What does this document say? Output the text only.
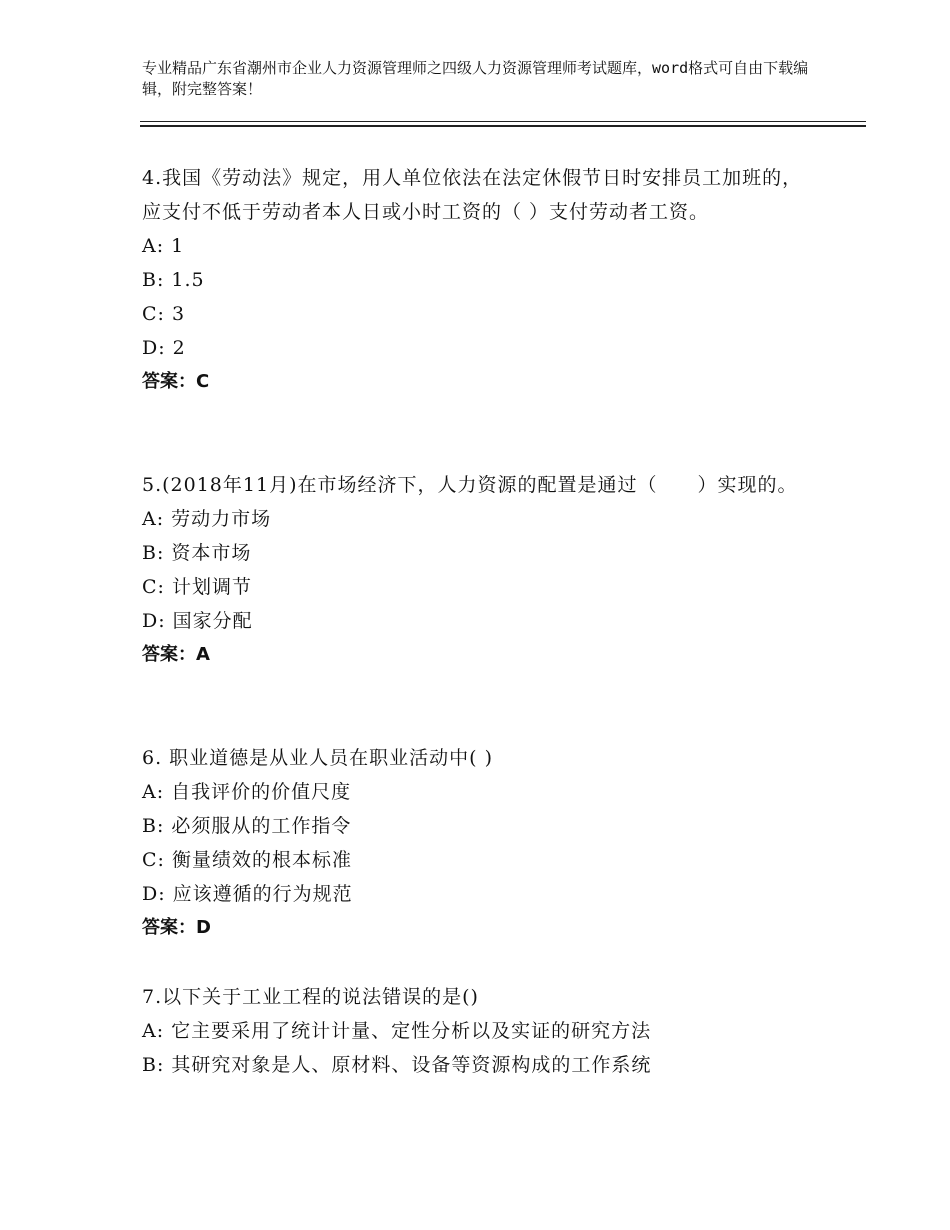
专业精品广东省潮州市企业人力资源管理师之四级人力资源管理师考试题库，word格式可自由下载编辑，附完整答案！

4.我国《劳动法》规定，用人单位依法在法定休假节日时安排员工加班的，应支付不低于劳动者本人日或小时工资的（ ）支付劳动者工资。

A: 1

B: 1.5

C: 3

D: 2

答案：C

5.(2018年11月)在市场经济下，人力资源的配置是通过（　　）实现的。

A: 劳动力市场

B: 资本市场

C: 计划调节

D: 国家分配

答案：A

6. 职业道德是从业人员在职业活动中( )

A: 自我评价的价值尺度

B: 必须服从的工作指令

C: 衡量绩效的根本标准

D: 应该遵循的行为规范

答案：D

7.以下关于工业工程的说法错误的是()

A: 它主要采用了统计计量、定性分析以及实证的研究方法

B: 其研究对象是人、原材料、设备等资源构成的工作系统
